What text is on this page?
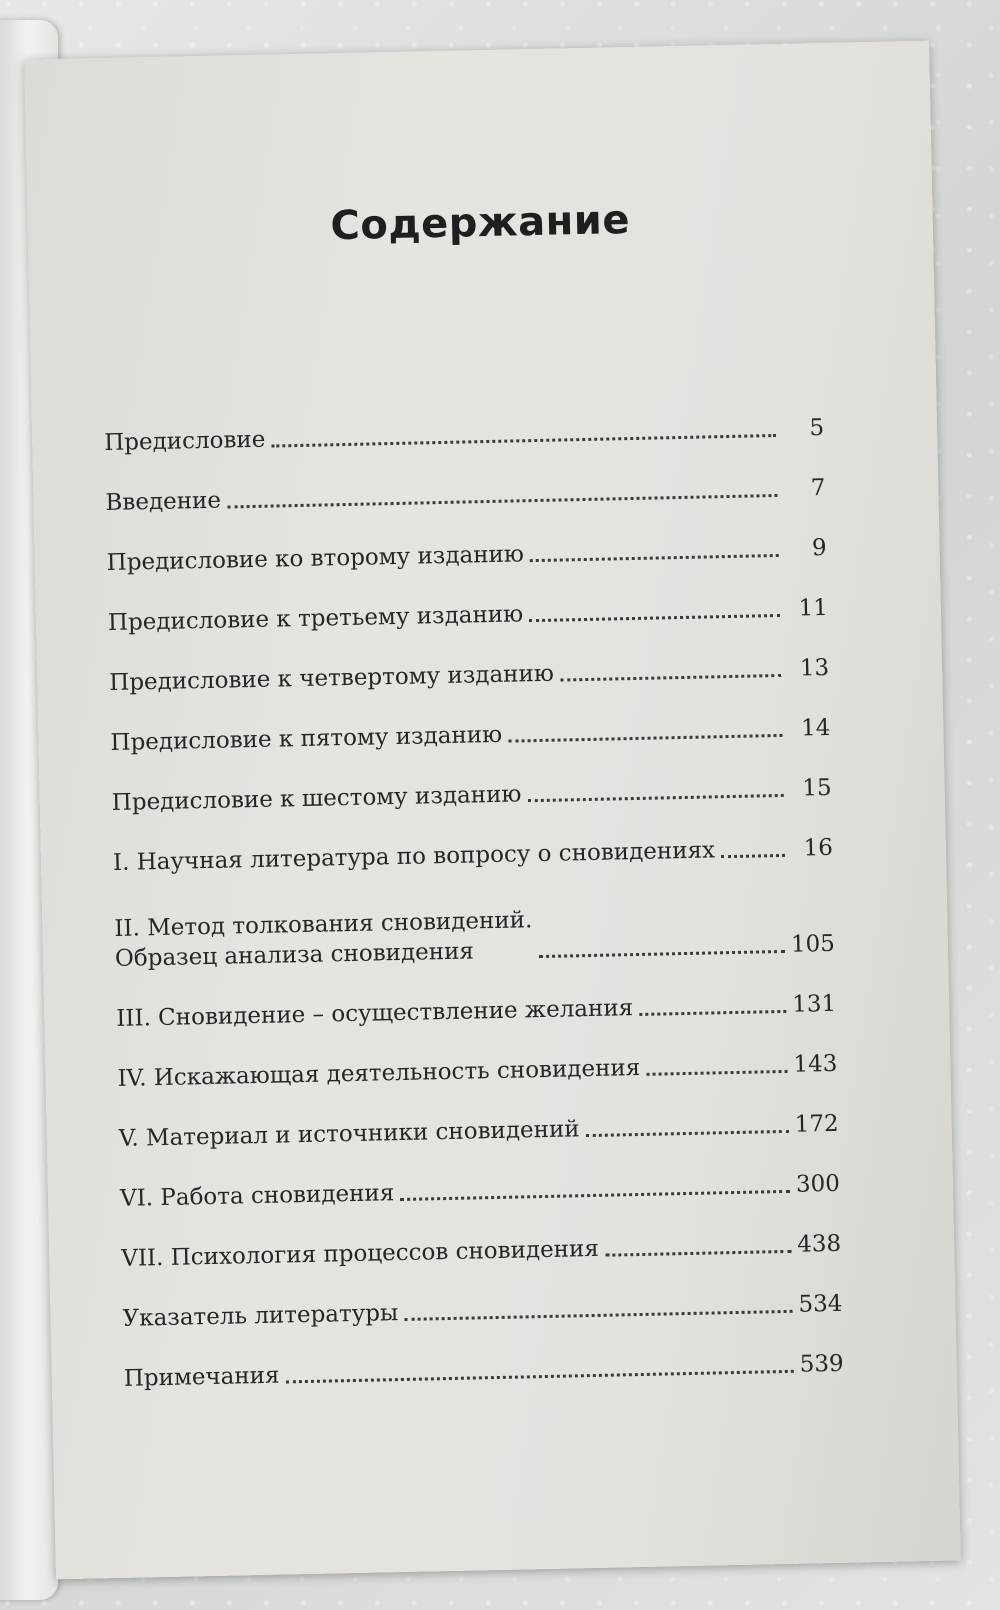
Содержание
Предисловие	5
Введение	7
Предисловие ко второму изданию	9
Предисловие к третьему изданию	11
Предисловие к четвертому изданию	13
Предисловие к пятому изданию	14
Предисловие к шестому изданию	15
I. Научная литература по вопросу о сновидениях	16
II. Метод толкования сновидений.
Образец анализа сновидения	105
III. Сновидение – осуществление желания	131
IV. Искажающая деятельность сновидения	143
V. Материал и источники сновидений	172
VI. Работа сновидения	300
VII. Психология процессов сновидения	438
Указатель литературы	534
Примечания	539
